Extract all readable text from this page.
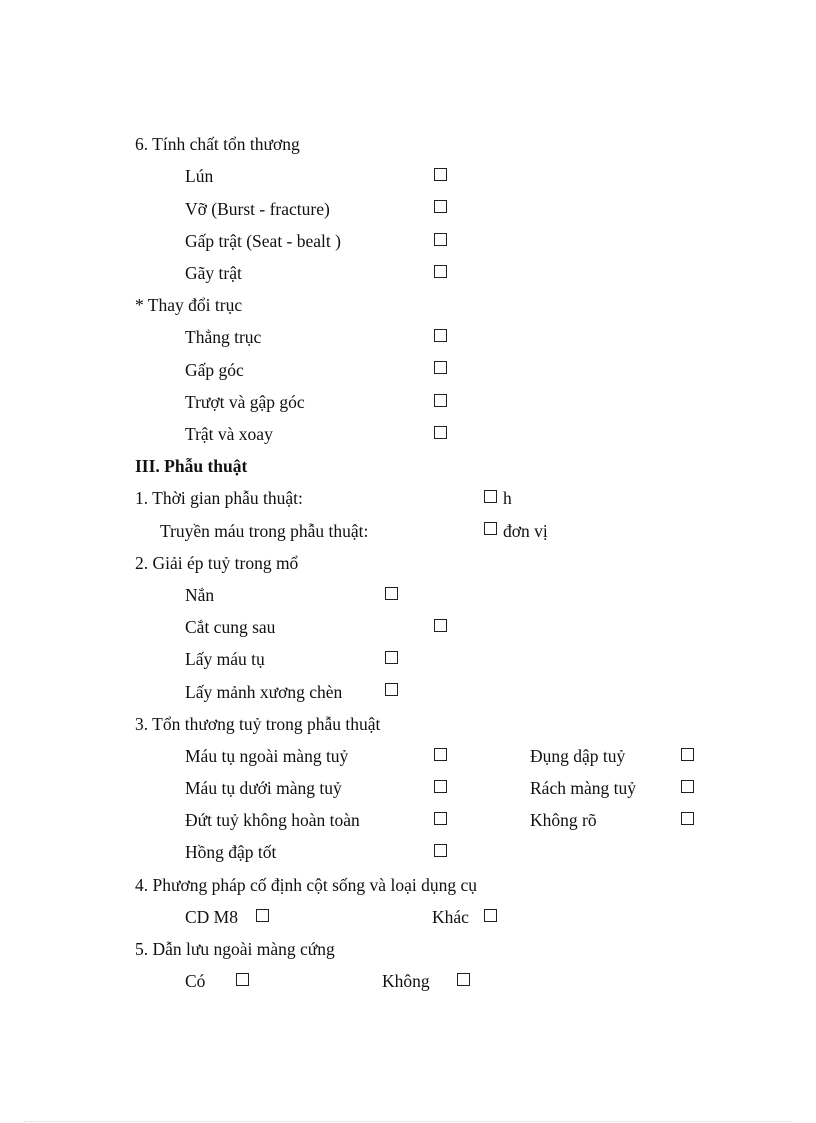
6. Tính chất tổn thương
Lún
Vỡ (Burst - fracture)
Gấp trật (Seat - bealt )
Gãy trật
* Thay đổi trục
Thẳng trục
Gấp góc
Trượt và gập góc
Trật và xoay
III. Phẫu thuật
1. Thời gian phẫu thuật:	h
Truyền máu trong phẫu thuật:	đơn vị
2. Giải ép tuỷ trong mổ
Nắn
Cắt cung sau
Lấy máu tụ
Lấy mảnh xương chèn
3. Tổn thương tuỷ trong phẫu thuật
Máu tụ ngoài màng tuỷ	Đụng dập tuỷ
Máu tụ dưới màng tuỷ	Rách màng tuỷ
Đứt tuỷ không hoàn toàn	Không rõ
Hồng đập tốt
4. Phương pháp cố định cột sống và loại dụng cụ
CD M8	Khác
5. Dẫn lưu ngoài màng cứng
Có	Không
